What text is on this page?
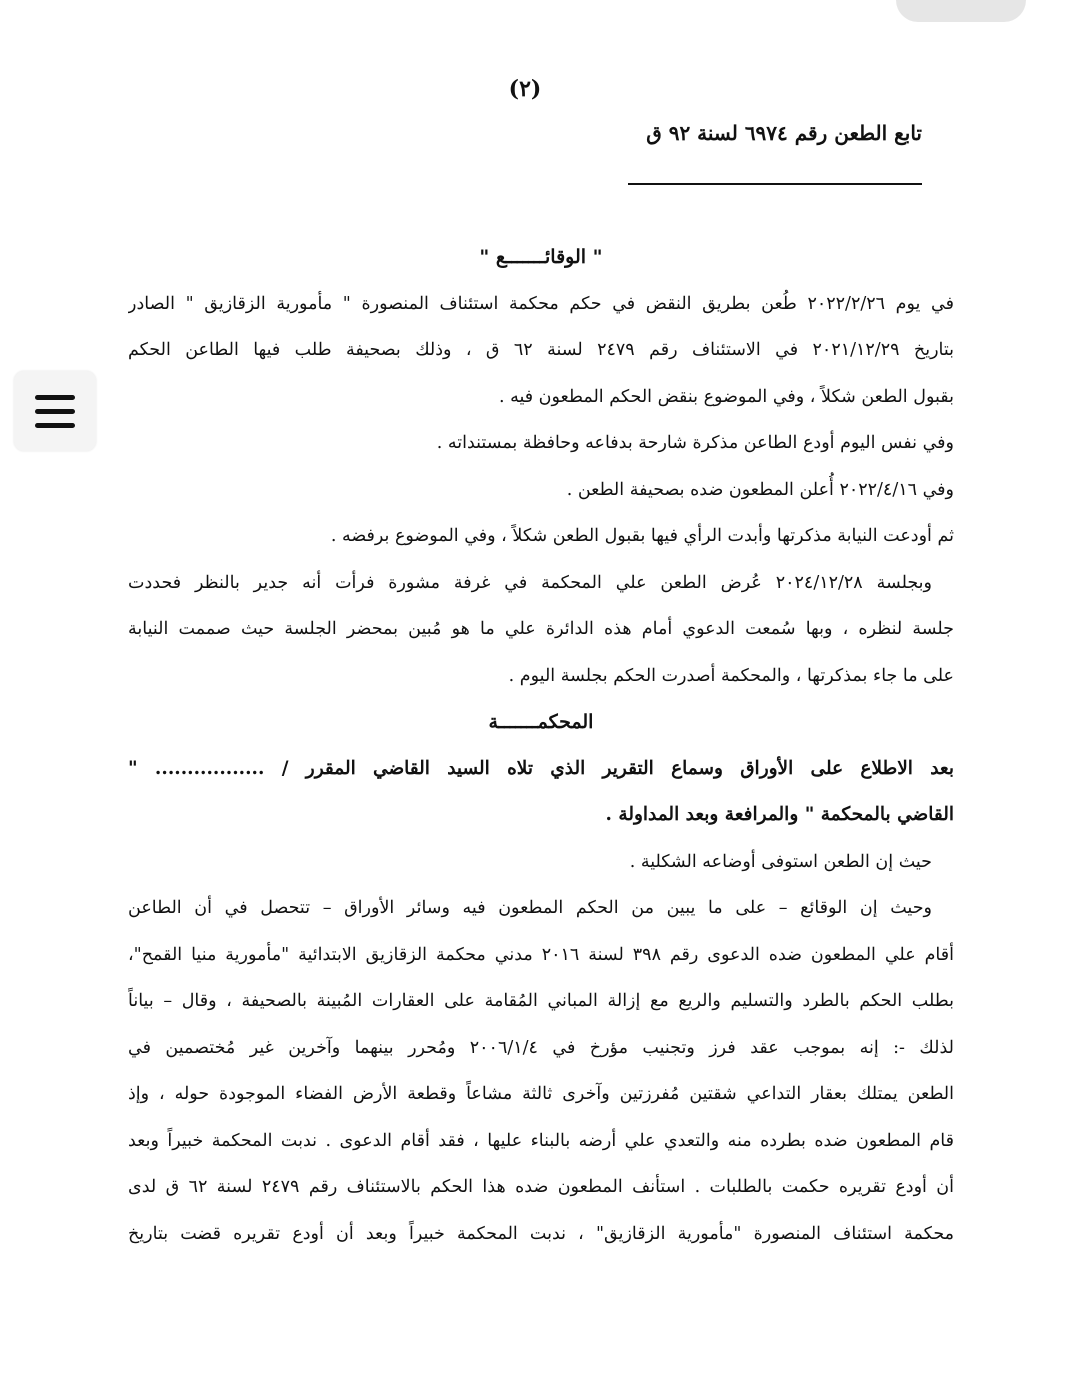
(٢)
تابع الطعن رقم ٦٩٧٤ لسنة ٩٢ ق
" الوقائـــــــع "
في يوم ٢٠٢٢/٢/٢٦ طُعن بطريق النقض في حكم محكمة استئناف المنصورة " مأمورية الزقازيق " الصادر
بتاريخ ٢٠٢١/١٢/٢٩ في الاستئناف رقم ٢٤٧٩ لسنة ٦٢ ق ، وذلك بصحيفة طلب فيها الطاعن الحكم
بقبول الطعن شكلاً ، وفي الموضوع بنقض الحكم المطعون فيه .
وفي نفس اليوم أودع الطاعن مذكرة شارحة بدفاعه وحافظة بمستنداته .
وفي ٢٠٢٢/٤/١٦ أُعلن المطعون ضده بصحيفة الطعن .
ثم أودعت النيابة مذكرتها وأبدت الرأي فيها بقبول الطعن شكلاً ، وفي الموضوع برفضه .
وبجلسة ٢٠٢٤/١٢/٢٨ عُرض الطعن علي المحكمة في غرفة مشورة فرأت أنه جدير بالنظر فحددت
جلسة لنظره ، وبها سُمعت الدعوي أمام هذه الدائرة علي ما هو مُبين بمحضر الجلسة حيث صممت النيابة
على ما جاء بمذكرتها ، والمحكمة أصدرت الحكم بجلسة اليوم .
المحكمـــــــة
بعد الاطلاع على الأوراق وسماع التقرير الذي تلاه السيد القاضي المقرر / ................. "
القاضي بالمحكمة " والمرافعة وبعد المداولة .
حيث إن الطعن استوفى أوضاعه الشكلية .
وحيث إن الوقائع – على ما يبين من الحكم المطعون فيه وسائر الأوراق – تتحصل في أن الطاعن
أقام علي المطعون ضده الدعوى رقم ٣٩٨ لسنة ٢٠١٦ مدني محكمة الزقازيق الابتدائية "مأمورية منيا القمح"،
بطلب الحكم بالطرد والتسليم والريع مع إزالة المباني المُقامة على العقارات المُبينة بالصحيفة ، وقال – بياناً
لذلك -: إنه بموجب عقد فرز وتجنيب مؤرخ في ٢٠٠٦/١/٤ ومُحرر بينهما وآخرين غير مُختصمين في
الطعن يمتلك بعقار التداعي شقتين مُفرزتين وآخرى ثالثة مشاعاً وقطعة الأرض الفضاء الموجودة حوله ، وإذ
قام المطعون ضده بطرده منه والتعدي علي أرضه بالبناء عليها ، فقد أقام الدعوى . ندبت المحكمة خبيراً وبعد
أن أودع تقريره حكمت بالطلبات . استأنف المطعون ضده هذا الحكم بالاستئناف رقم ٢٤٧٩ لسنة ٦٢ ق لدى
محكمة استئناف المنصورة "مأمورية الزقازيق" ، ندبت المحكمة خبيراً وبعد أن أودع تقريره قضت بتاريخ
